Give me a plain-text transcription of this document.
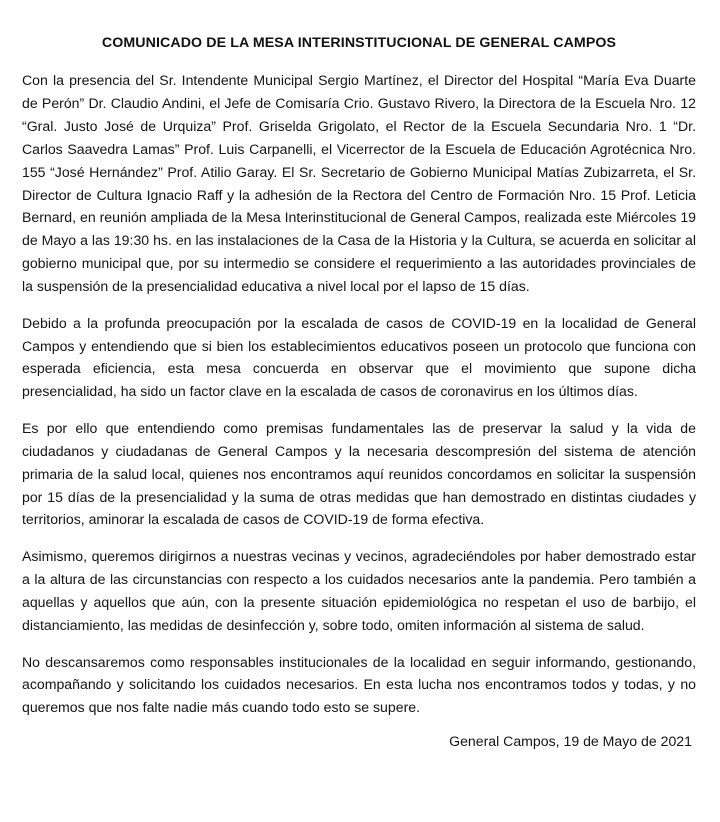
COMUNICADO DE LA MESA INTERINSTITUCIONAL DE GENERAL CAMPOS

Con la presencia del Sr. Intendente Municipal Sergio Martínez, el Director del Hospital “María Eva Duarte de Perón” Dr. Claudio Andini, el Jefe de Comisaría Crio. Gustavo Rivero, la Directora de la Escuela Nro. 12 “Gral. Justo José de Urquiza” Prof. Griselda Grigolato, el Rector de la Escuela Secundaria Nro. 1 “Dr. Carlos Saavedra Lamas” Prof. Luis Carpanelli, el Vicerrector de la Escuela de Educación Agrotécnica Nro. 155 “José Hernández” Prof. Atilio Garay. El Sr. Secretario de Gobierno Municipal Matías Zubizarreta, el Sr. Director de Cultura Ignacio Raff y la adhesión de la Rectora del Centro de Formación Nro. 15 Prof. Leticia Bernard, en reunión ampliada de la Mesa Interinstitucional de General Campos, realizada este Miércoles 19 de Mayo a las 19:30 hs. en las instalaciones de la Casa de la Historia y la Cultura, se acuerda en solicitar al gobierno municipal que, por su intermedio se considere el requerimiento a las autoridades provinciales de la suspensión de la presencialidad educativa a nivel local por el lapso de 15 días.

Debido a la profunda preocupación por la escalada de casos de COVID-19 en la localidad de General Campos y entendiendo que si bien los establecimientos educativos poseen un protocolo que funciona con esperada eficiencia, esta mesa concuerda en observar que el movimiento que supone dicha presencialidad, ha sido un factor clave en la escalada de casos de coronavirus en los últimos días.

Es por ello que entendiendo como premisas fundamentales las de preservar la salud y la vida de ciudadanos y ciudadanas de General Campos y la necesaria descompresión del sistema de atención primaria de la salud local, quienes nos encontramos aquí reunidos concordamos en solicitar la suspensión por 15 días de la presencialidad y la suma de otras medidas que han demostrado en distintas ciudades y territorios, aminorar la escalada de casos de COVID-19 de forma efectiva.

Asimismo, queremos dirigirnos a nuestras vecinas y vecinos, agradeciéndoles por haber demostrado estar a la altura de las circunstancias con respecto a los cuidados necesarios ante la pandemia. Pero también a aquellas y aquellos que aún, con la presente situación epidemiológica no respetan el uso de barbijo, el distanciamiento, las medidas de desinfección y, sobre todo, omiten información al sistema de salud.

No descansaremos como responsables institucionales de la localidad en seguir informando, gestionando, acompañando y solicitando los cuidados necesarios. En esta lucha nos encontramos todos y todas, y no queremos que nos falte nadie más cuando todo esto se supere.

General Campos, 19 de Mayo de 2021
